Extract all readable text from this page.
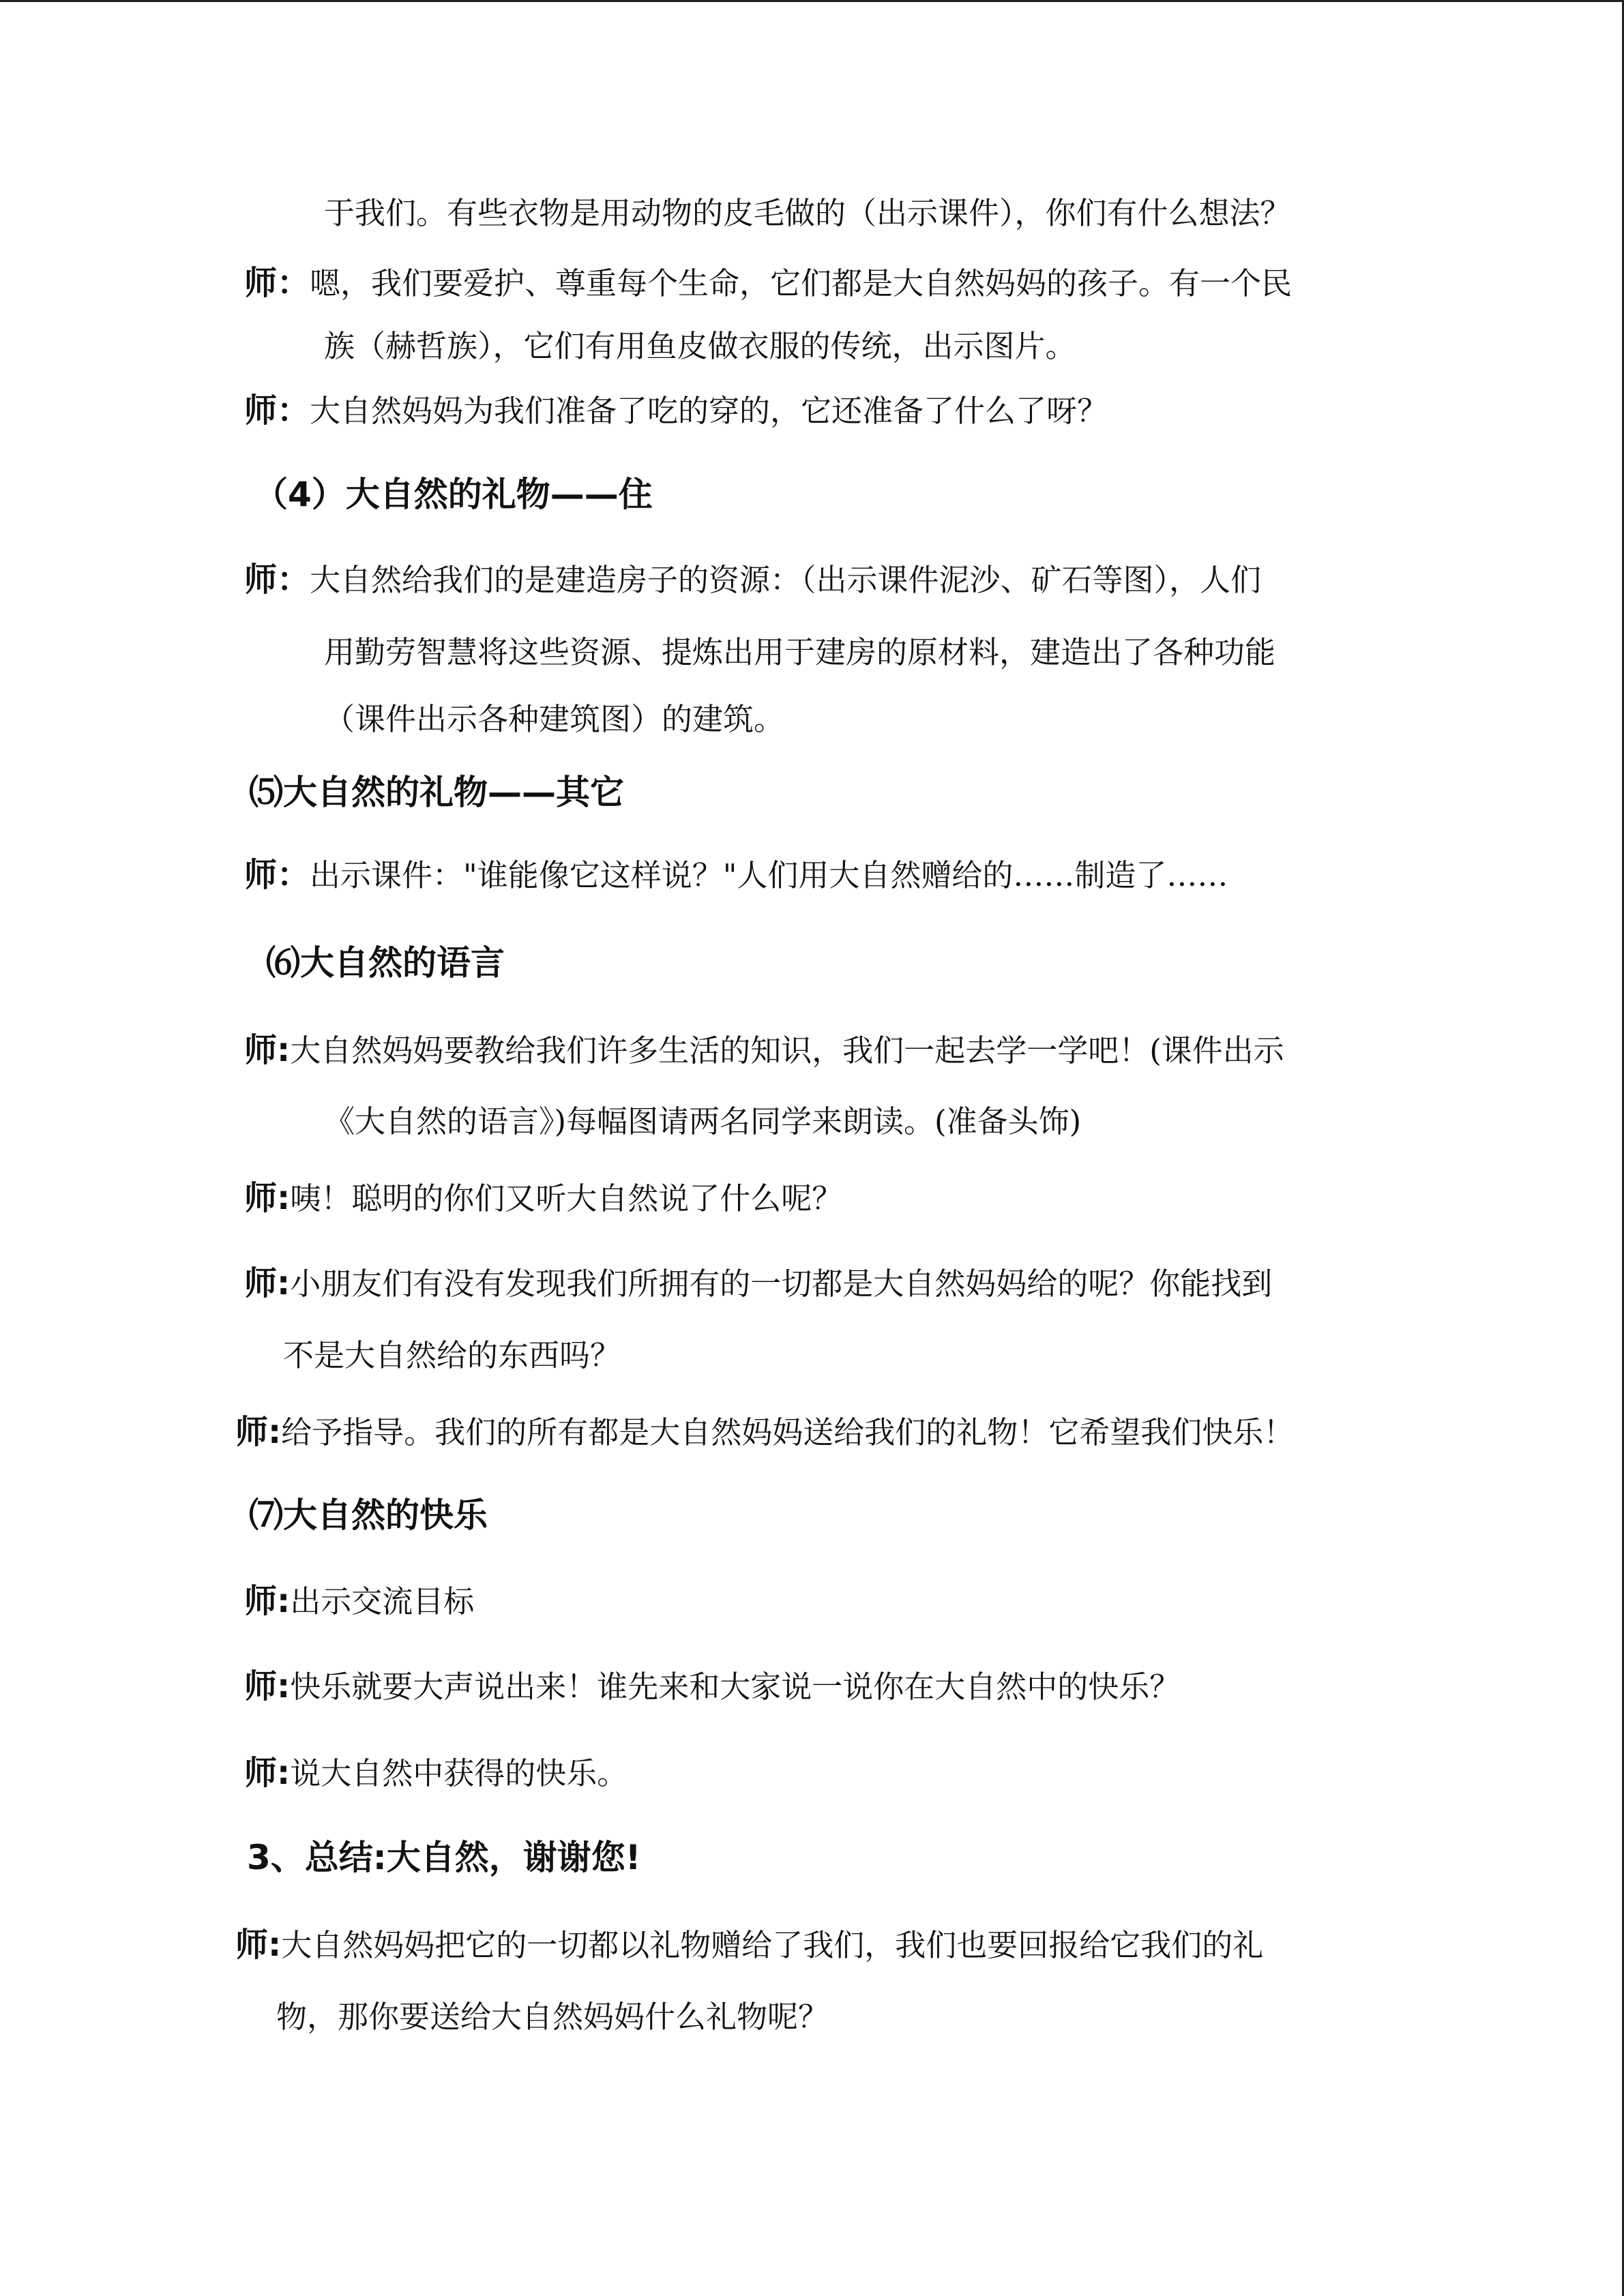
于我们。有些衣物是用动物的皮毛做的（出示课件），你们有什么想法？
师：嗯，我们要爱护、尊重每个生命，它们都是大自然妈妈的孩子。有一个民
族（赫哲族），它们有用鱼皮做衣服的传统，出示图片。
师：大自然妈妈为我们准备了吃的穿的，它还准备了什么了呀？
（4）大自然的礼物——住
师：大自然给我们的是建造房子的资源：（出示课件泥沙、矿石等图），人们
用勤劳智慧将这些资源、提炼出用于建房的原材料，建造出了各种功能
（课件出示各种建筑图）的建筑。
⑸大自然的礼物——其它
师：出示课件："谁能像它这样说？"人们用大自然赠给的……制造了……
⑹大自然的语言
师:大自然妈妈要教给我们许多生活的知识，我们一起去学一学吧！(课件出示
《大自然的语言》)每幅图请两名同学来朗读。(准备头饰)
师:咦！聪明的你们又听大自然说了什么呢？
师:小朋友们有没有发现我们所拥有的一切都是大自然妈妈给的呢？你能找到
不是大自然给的东西吗？
师:给予指导。我们的所有都是大自然妈妈送给我们的礼物！它希望我们快乐！
⑺大自然的快乐
师:出示交流目标
师:快乐就要大声说出来！谁先来和大家说一说你在大自然中的快乐？
师:说大自然中获得的快乐。
3、总结:大自然，谢谢您!
师:大自然妈妈把它的一切都以礼物赠给了我们，我们也要回报给它我们的礼
物，那你要送给大自然妈妈什么礼物呢？
